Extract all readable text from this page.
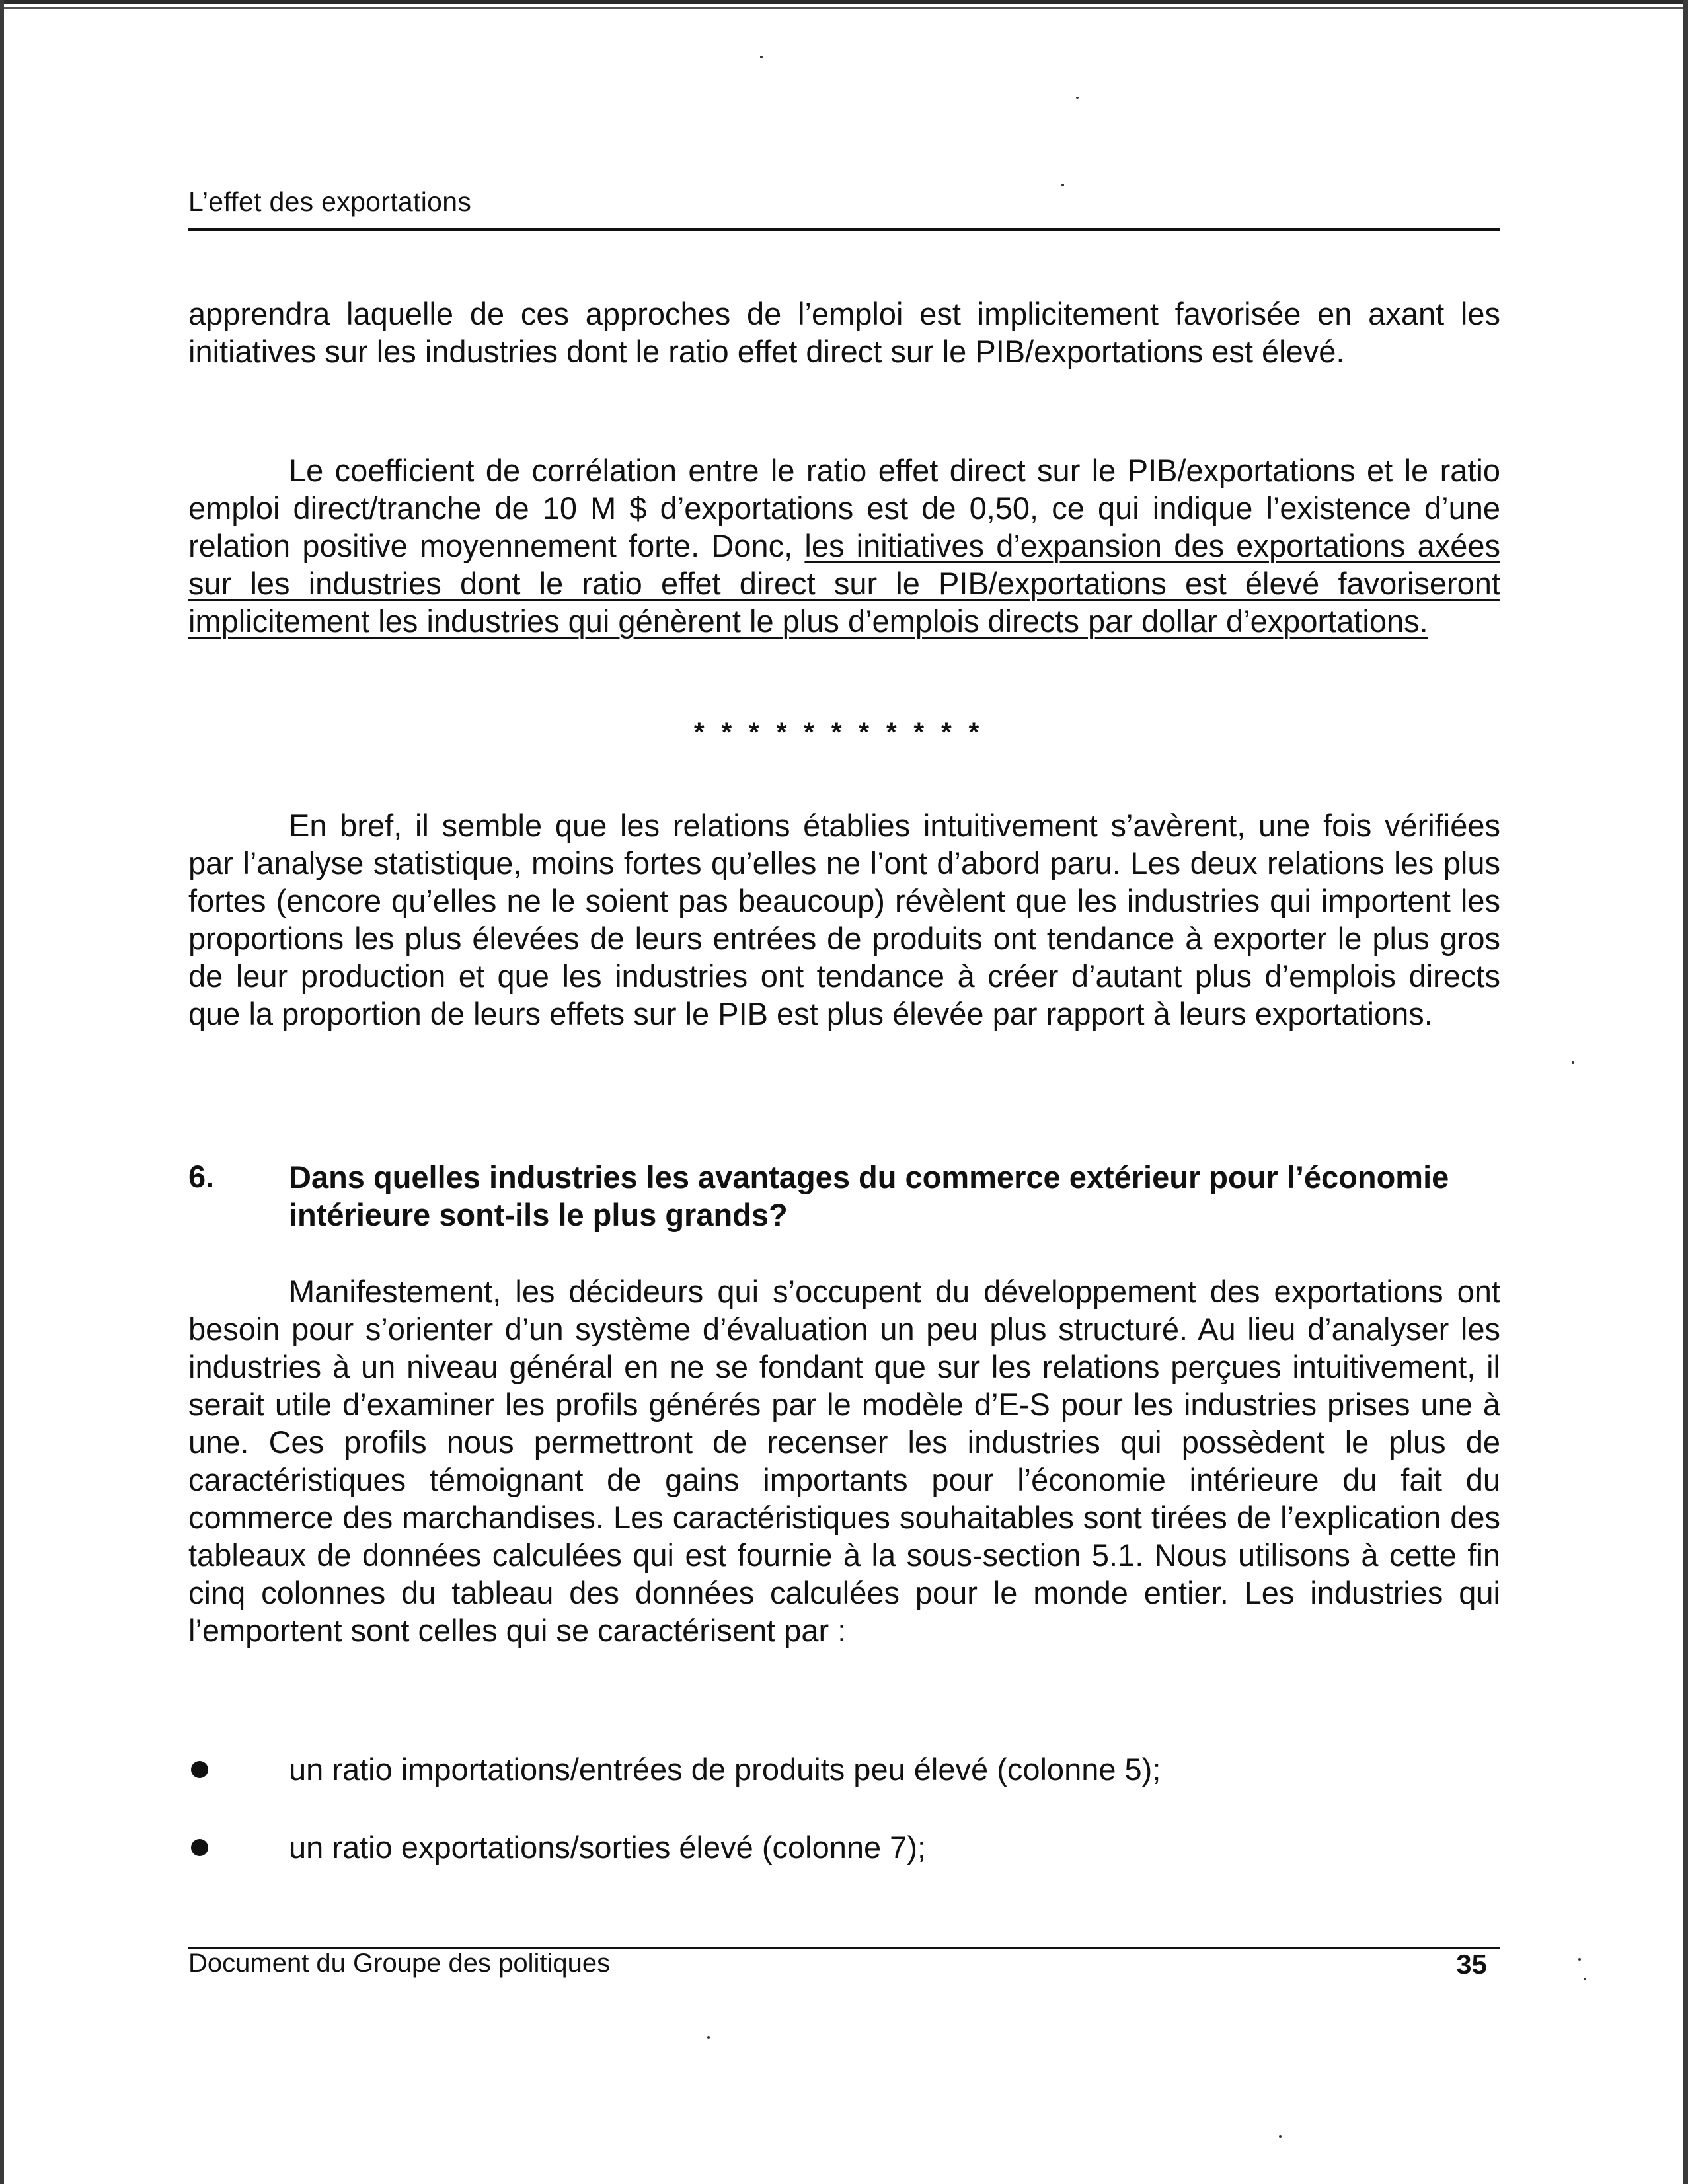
L’effet des exportations

apprendra laquelle de ces approches de l’emploi est implicitement favorisée en axant les initiatives sur les industries dont le ratio effet direct sur le PIB/exportations est élevé.

Le coefficient de corrélation entre le ratio effet direct sur le PIB/exportations et le ratio emploi direct/tranche de 10 M $ d’exportations est de 0,50, ce qui indique l’existence d’une relation positive moyennement forte. Donc, les initiatives d’expansion des exportations axées sur les industries dont le ratio effet direct sur le PIB/exportations est élevé favoriseront implicitement les industries qui génèrent le plus d’emplois directs par dollar d’exportations.

***********

En bref, il semble que les relations établies intuitivement s’avèrent, une fois vérifiées par l’analyse statistique, moins fortes qu’elles ne l’ont d’abord paru. Les deux relations les plus fortes (encore qu’elles ne le soient pas beaucoup) révèlent que les industries qui importent les proportions les plus élevées de leurs entrées de produits ont tendance à exporter le plus gros de leur production et que les industries ont tendance à créer d’autant plus d’emplois directs que la proportion de leurs effets sur le PIB est plus élevée par rapport à leurs exportations.

6. Dans quelles industries les avantages du commerce extérieur pour l’économie intérieure sont-ils le plus grands?

Manifestement, les décideurs qui s’occupent du développement des exportations ont besoin pour s’orienter d’un système d’évaluation un peu plus structuré. Au lieu d’analyser les industries à un niveau général en ne se fondant que sur les relations perçues intuitivement, il serait utile d’examiner les profils générés par le modèle d’E-S pour les industries prises une à une. Ces profils nous permettront de recenser les industries qui possèdent le plus de caractéristiques témoignant de gains importants pour l’économie intérieure du fait du commerce des marchandises. Les caractéristiques souhaitables sont tirées de l’explication des tableaux de données calculées qui est fournie à la sous-section 5.1. Nous utilisons à cette fin cinq colonnes du tableau des données calculées pour le monde entier. Les industries qui l’emportent sont celles qui se caractérisent par :

un ratio importations/entrées de produits peu élevé (colonne 5);
un ratio exportations/sorties élevé (colonne 7);
Document du Groupe des politiques	35
